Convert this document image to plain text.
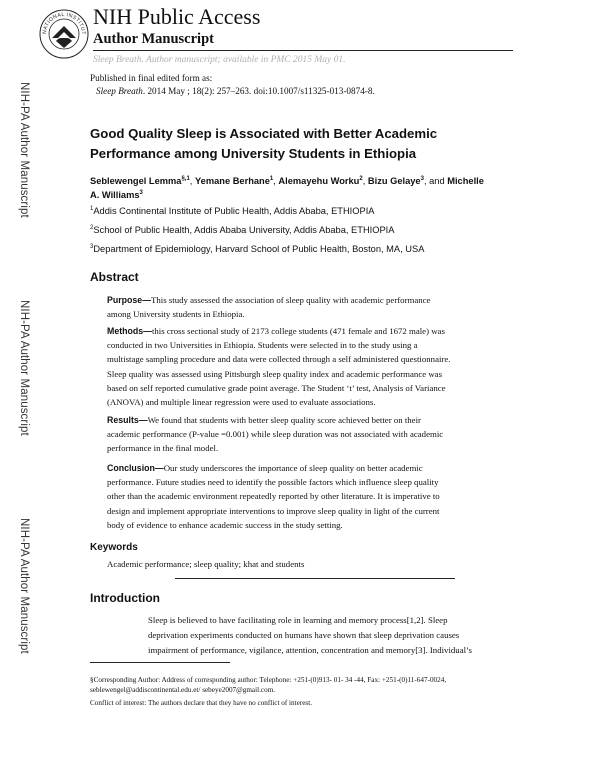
NATIONAL INSTITUT
NIH Public Access
Author Manuscript
Sleep Breath. Author manuscript; available in PMC 2015 May 01.
Published in final edited form as:
Sleep Breath. 2014 May ; 18(2): 257–263. doi:10.1007/s11325-013-0874-8.
NIH-PA Author Manuscript
NIH-PA Author Manuscript
NIH-PA Author Manuscript
Good Quality Sleep is Associated with Better Academic
Performance among University Students in Ethiopia
Seblewengel Lemma$^{\S,1}$, Yemane Berhane$^1$, Alemayehu Worku$^2$, Bizu Gelaye$^3$, and Michelle
A. Williams$^3$
$^1$Addis Continental Institute of Public Health, Addis Ababa, ETHIOPIA
$^2$School of Public Health, Addis Ababa University, Addis Ababa, ETHIOPIA
$^3$Department of Epidemiology, Harvard School of Public Health, Boston, MA, USA
Abstract
Purpose—This study assessed the association of sleep quality with academic performance
among University students in Ethiopia.
Methods—this cross sectional study of 2173 college students (471 female and 1672 male) was
conducted in two Universities in Ethiopia. Students were selected in to the study using a
multistage sampling procedure and data were collected through a self administered questionnaire.
Sleep quality was assessed using Pittsburgh sleep quality index and academic performance was
based on self reported cumulative grade point average. The Student ‘t’ test, Analysis of Variance
(ANOVA) and multiple linear regression were used to evaluate associations.
Results—We found that students with better sleep quality score achieved better on their
academic performance (P-value =0.001) while sleep duration was not associated with academic
performance in the final model.
Conclusion—Our study underscores the importance of sleep quality on better academic
performance. Future studies need to identify the possible factors which influence sleep quality
other than the academic environment repeatedly reported by other literature. It is imperative to
design and implement appropriate interventions to improve sleep quality in light of the current
body of evidence to enhance academic success in the study setting.
Keywords
Academic performance; sleep quality; khat and students
Introduction
Sleep is believed to have facilitating role in learning and memory process[1,2]. Sleep
deprivation experiments conducted on humans have shown that sleep deprivation causes
impairment of performance, vigilance, attention, concentration and memory[3]. Individual’s
§Corresponding Author: Address of corresponding author: Telephone: +251-(0)913- 01- 34 -44, Fax: +251-(0)11-647-0024,
seblewengel@addiscontinental.edu.et/ sebeye2007@gmail.com.
Conflict of interest: The authors declare that they have no conflict of interest.
